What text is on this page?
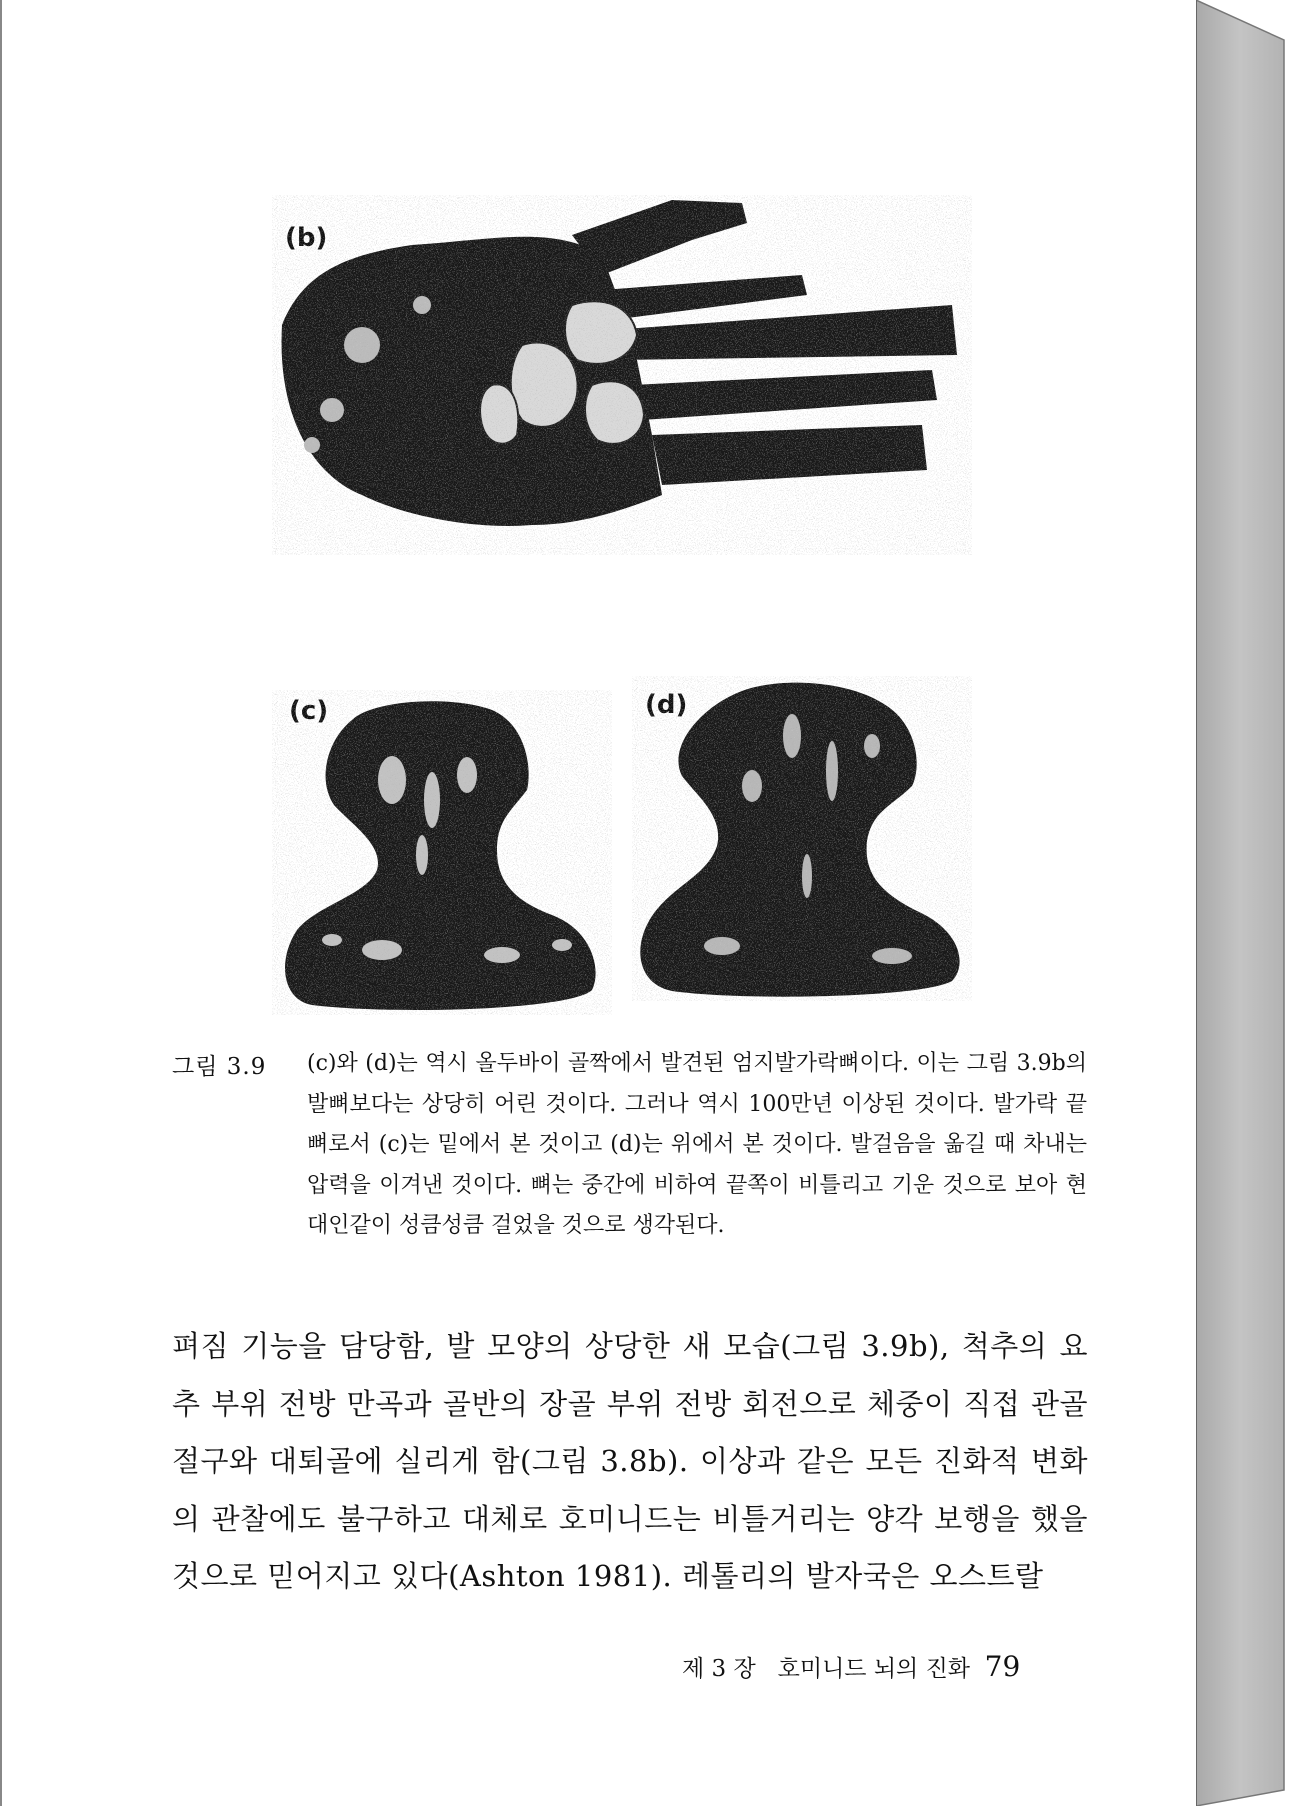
(b)
(c)	(d)
그림 3.9 (c)와 (d)는 역시 올두바이 골짝에서 발견된 엄지발가락뼈이다. 이는 그림 3.9b의 발뼈보다는 상당히 어린 것이다. 그러나 역시 100만년 이상된 것이다. 발가락 끝뼈로서 (c)는 밑에서 본 것이고 (d)는 위에서 본 것이다. 발걸음을 옮길 때 차내는 압력을 이겨낸 것이다. 뼈는 중간에 비하여 끝쪽이 비틀리고 기운 것으로 보아 현대인같이 성큼성큼 걸었을 것으로 생각된다.
펴짐 기능을 담당함, 발 모양의 상당한 새 모습(그림 3.9b), 척추의 요추 부위 전방 만곡과 골반의 장골 부위 전방 회전으로 체중이 직접 관골절구와 대퇴골에 실리게 함(그림 3.8b). 이상과 같은 모든 진화적 변화의 관찰에도 불구하고 대체로 호미니드는 비틀거리는 양각 보행을 했을 것으로 믿어지고 있다(Ashton 1981). 레톨리의 발자국은 오스트랄
제 3 장 호미니드 뇌의 진화 79
